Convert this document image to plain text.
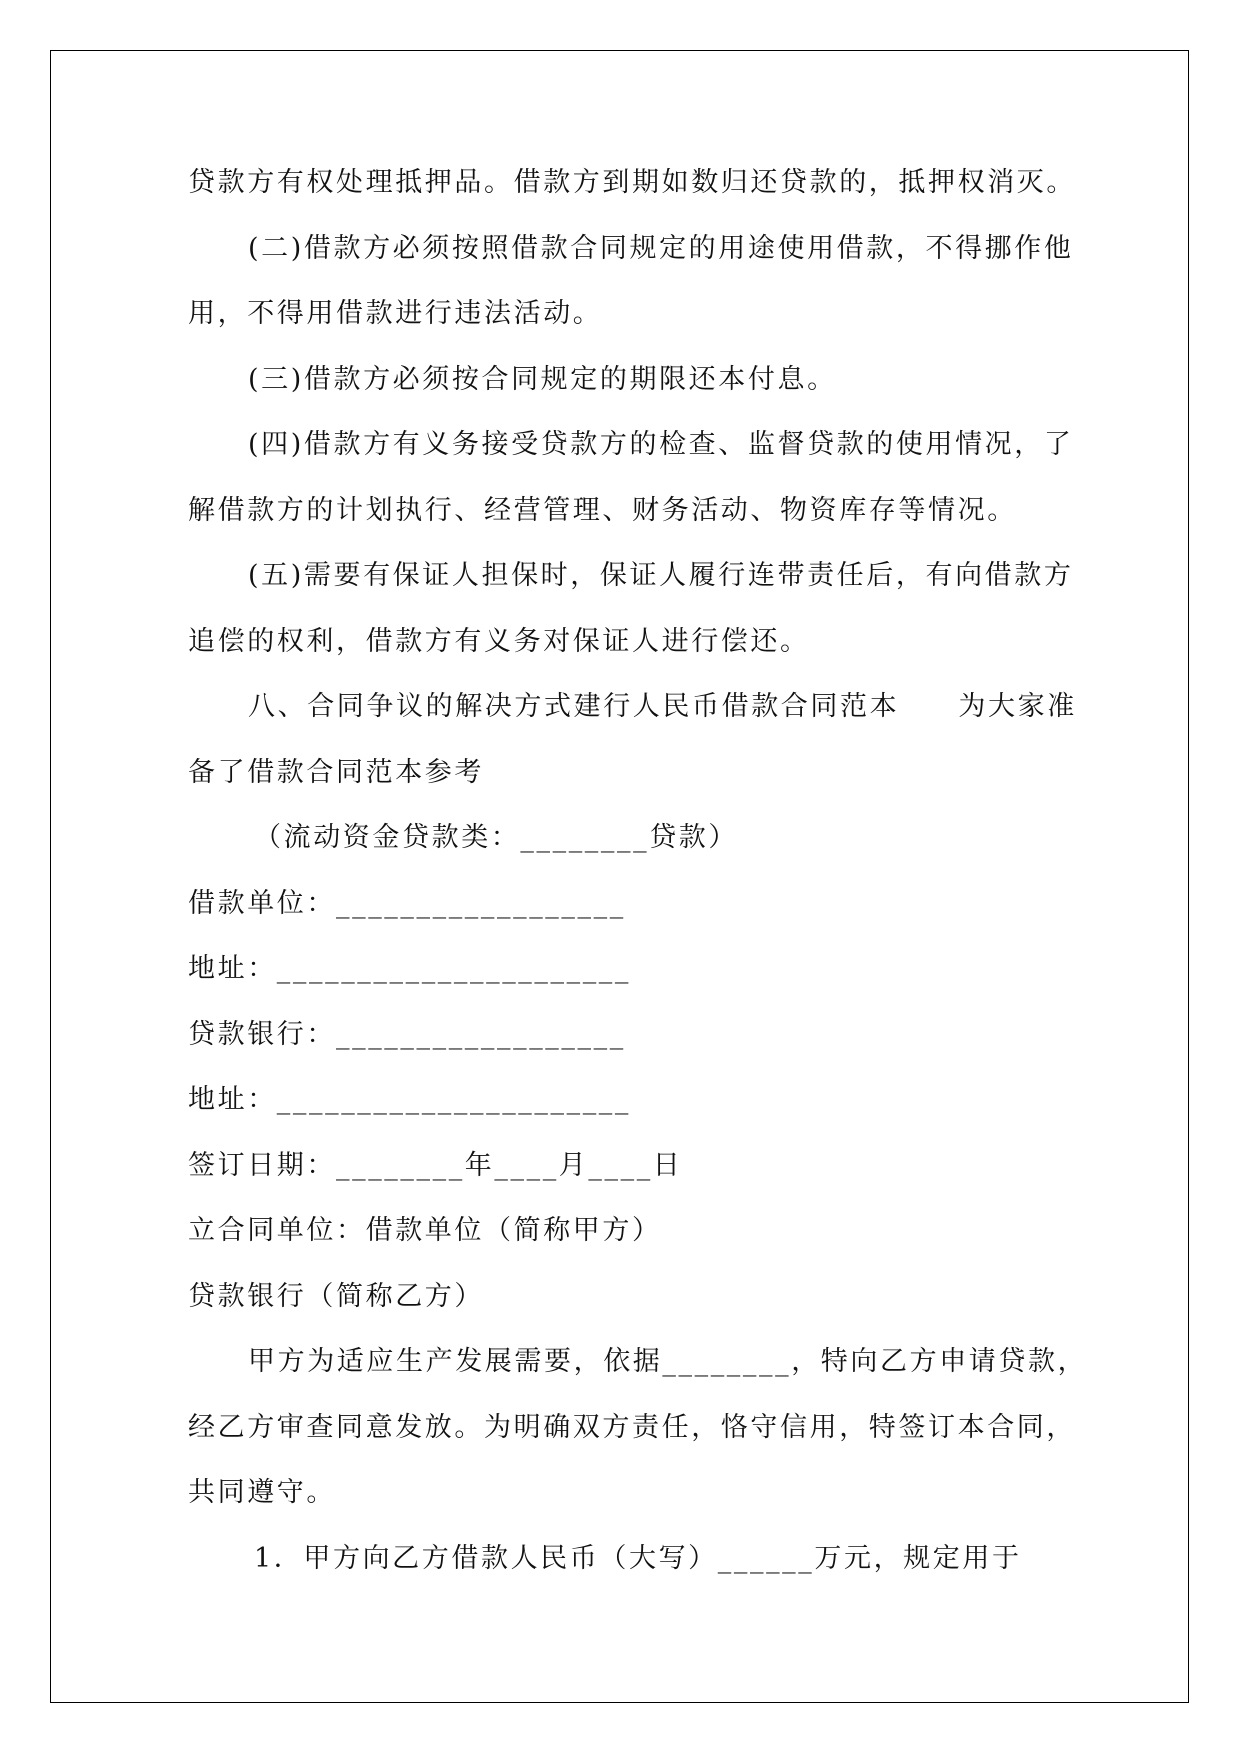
贷款方有权处理抵押品。借款方到期如数归还贷款的，抵押权消灭。
(二)借款方必须按照借款合同规定的用途使用借款，不得挪作他
用，不得用借款进行违法活动。
(三)借款方必须按合同规定的期限还本付息。
(四)借款方有义务接受贷款方的检查、监督贷款的使用情况，了
解借款方的计划执行、经营管理、财务活动、物资库存等情况。
(五)需要有保证人担保时，保证人履行连带责任后，有向借款方
追偿的权利，借款方有义务对保证人进行偿还。
八、合同争议的解决方式建行人民币借款合同范本　　为大家准
备了借款合同范本参考
（流动资金贷款类：________贷款）
借款单位：__________________
地址：______________________
贷款银行：__________________
地址：______________________
签订日期：________年____月____日
立合同单位：借款单位（简称甲方）
贷款银行（简称乙方）
甲方为适应生产发展需要，依据________，特向乙方申请贷款，
经乙方审查同意发放。为明确双方责任，恪守信用，特签订本合同，
共同遵守。
1．甲方向乙方借款人民币（大写）______万元，规定用于
